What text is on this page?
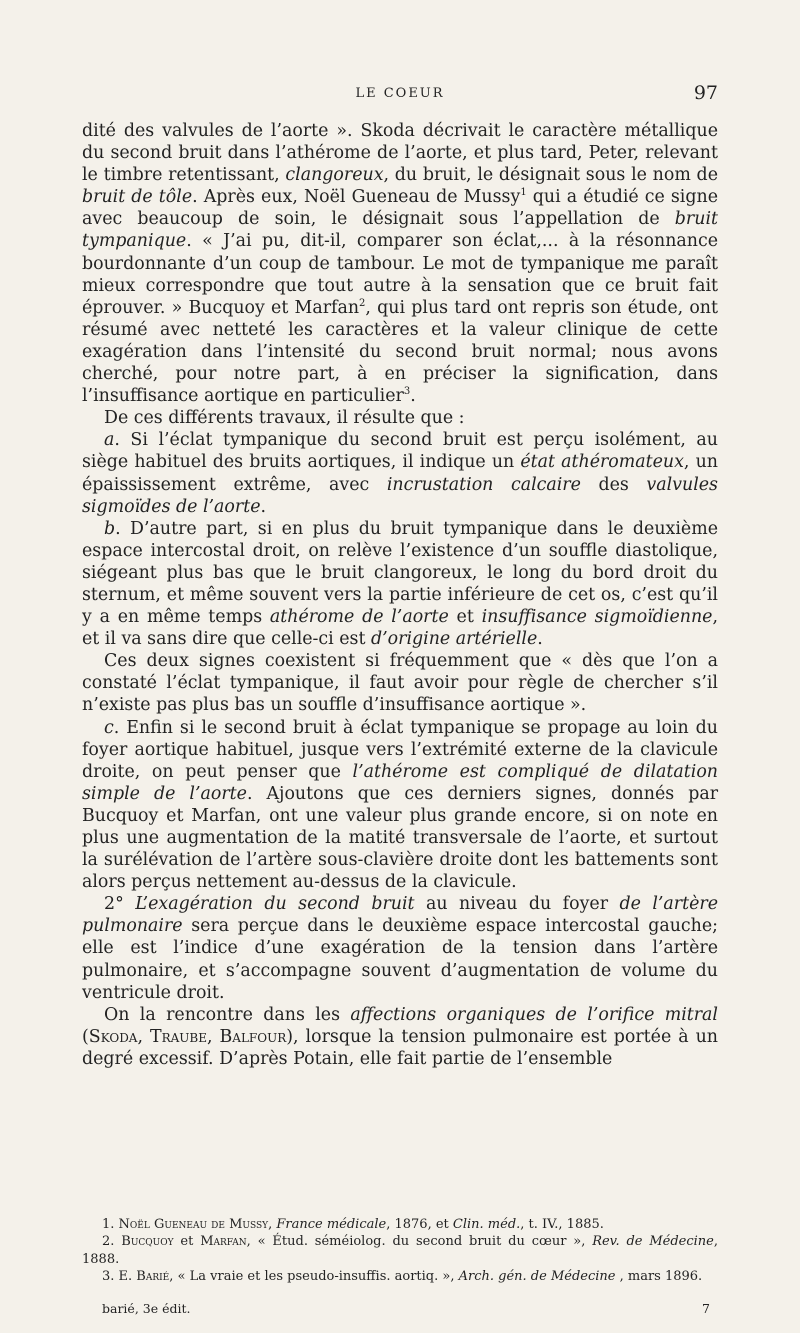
LE COEUR	97

dité des valvules de l’aorte ». Skoda décrivait le caractère métallique du second bruit dans l’athérome de l’aorte, et plus tard, Peter, relevant le timbre retentissant, clangoreux, du bruit, le désignait sous le nom de bruit de tôle. Après eux, Noël Gueneau de Mussy$^1$ qui a étudié ce signe avec beaucoup de soin, le désignait sous l’appellation de bruit tympanique. « J’ai pu, dit-il, comparer son éclat,... à la résonnance bourdonnante d’un coup de tambour. Le mot de tympanique me paraît mieux correspondre que tout autre à la sensation que ce bruit fait éprouver. » Bucquoy et Marfan$^2$, qui plus tard ont repris son étude, ont résumé avec netteté les caractères et la valeur clinique de cette exagération dans l’intensité du second bruit normal; nous avons cherché, pour notre part, à en préciser la signification, dans l’insuffisance aortique en particulier$^3$.

De ces différents travaux, il résulte que :

a. Si l’éclat tympanique du second bruit est perçu isolément, au siège habituel des bruits aortiques, il indique un état athéromateux, un épaississement extrême, avec incrustation calcaire des valvules sigmoïdes de l’aorte.

b. D’autre part, si en plus du bruit tympanique dans le deuxième espace intercostal droit, on relève l’existence d’un souffle diastolique, siégeant plus bas que le bruit clangoreux, le long du bord droit du sternum, et même souvent vers la partie inférieure de cet os, c’est qu’il y a en même temps athérome de l’aorte et insuffisance sigmoïdienne, et il va sans dire que celle-ci est d’origine artérielle.

Ces deux signes coexistent si fréquemment que « dès que l’on a constaté l’éclat tympanique, il faut avoir pour règle de chercher s’il n’existe pas plus bas un souffle d’insuffisance aortique ».

c. Enfin si le second bruit à éclat tympanique se propage au loin du foyer aortique habituel, jusque vers l’extrémité externe de la clavicule droite, on peut penser que l’athérome est compliqué de dilatation simple de l’aorte. Ajoutons que ces derniers signes, donnés par Bucquoy et Marfan, ont une valeur plus grande encore, si on note en plus une augmentation de la matité transversale de l’aorte, et surtout la surélévation de l’artère sous-clavière droite dont les battements sont alors perçus nettement au-dessus de la clavicule.

2° L’exagération du second bruit au niveau du foyer de l’artère pulmonaire sera perçue dans le deuxième espace intercostal gauche; elle est l’indice d’une exagération de la tension dans l’artère pulmonaire, et s’accompagne souvent d’augmentation de volume du ventricule droit.

On la rencontre dans les affections organiques de l’orifice mitral (Skoda, Traube, Balfour), lorsque la tension pulmonaire est portée à un degré excessif. D’après Potain, elle fait partie de l’ensemble

1. Noël Gueneau de Mussy, France médicale, 1876, et Clin. méd., t. IV., 1885.

2. Bucquoy et Marfan, « Étud. séméiolog. du second bruit du cœur », Rev. de Médecine, 1888.

3. E. Barié, « La vraie et les pseudo-insuffis. aortiq. », Arch. gén. de Médecine , mars 1896.

barié, 3e édit.	7
